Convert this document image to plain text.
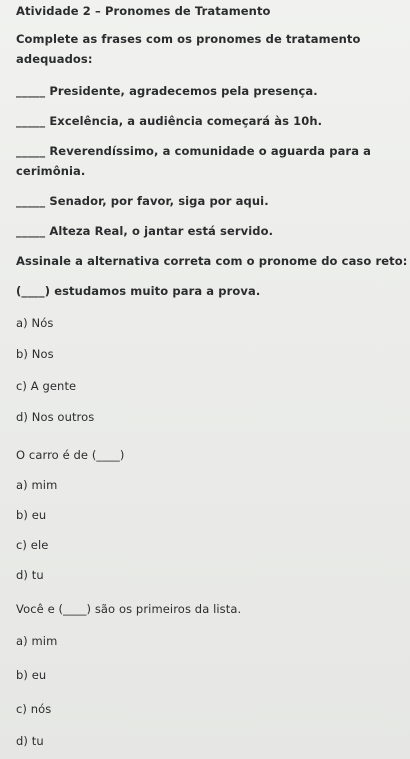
Atividade 2 – Pronomes de Tratamento
Complete as frases com os pronomes de tratamento
adequados:
_____ Presidente, agradecemos pela presença.
_____ Excelência, a audiência começará às 10h.
_____ Reverendíssimo, a comunidade o aguarda para a
cerimônia.
_____ Senador, por favor, siga por aqui.
_____ Alteza Real, o jantar está servido.
Assinale a alternativa correta com o pronome do caso reto:
(____) estudamos muito para a prova.
a) Nós
b) Nos
c) A gente
d) Nos outros
O carro é de (____)
a) mim
b) eu
c) ele
d) tu
Você e (____) são os primeiros da lista.
a) mim
b) eu
c) nós
d) tu
